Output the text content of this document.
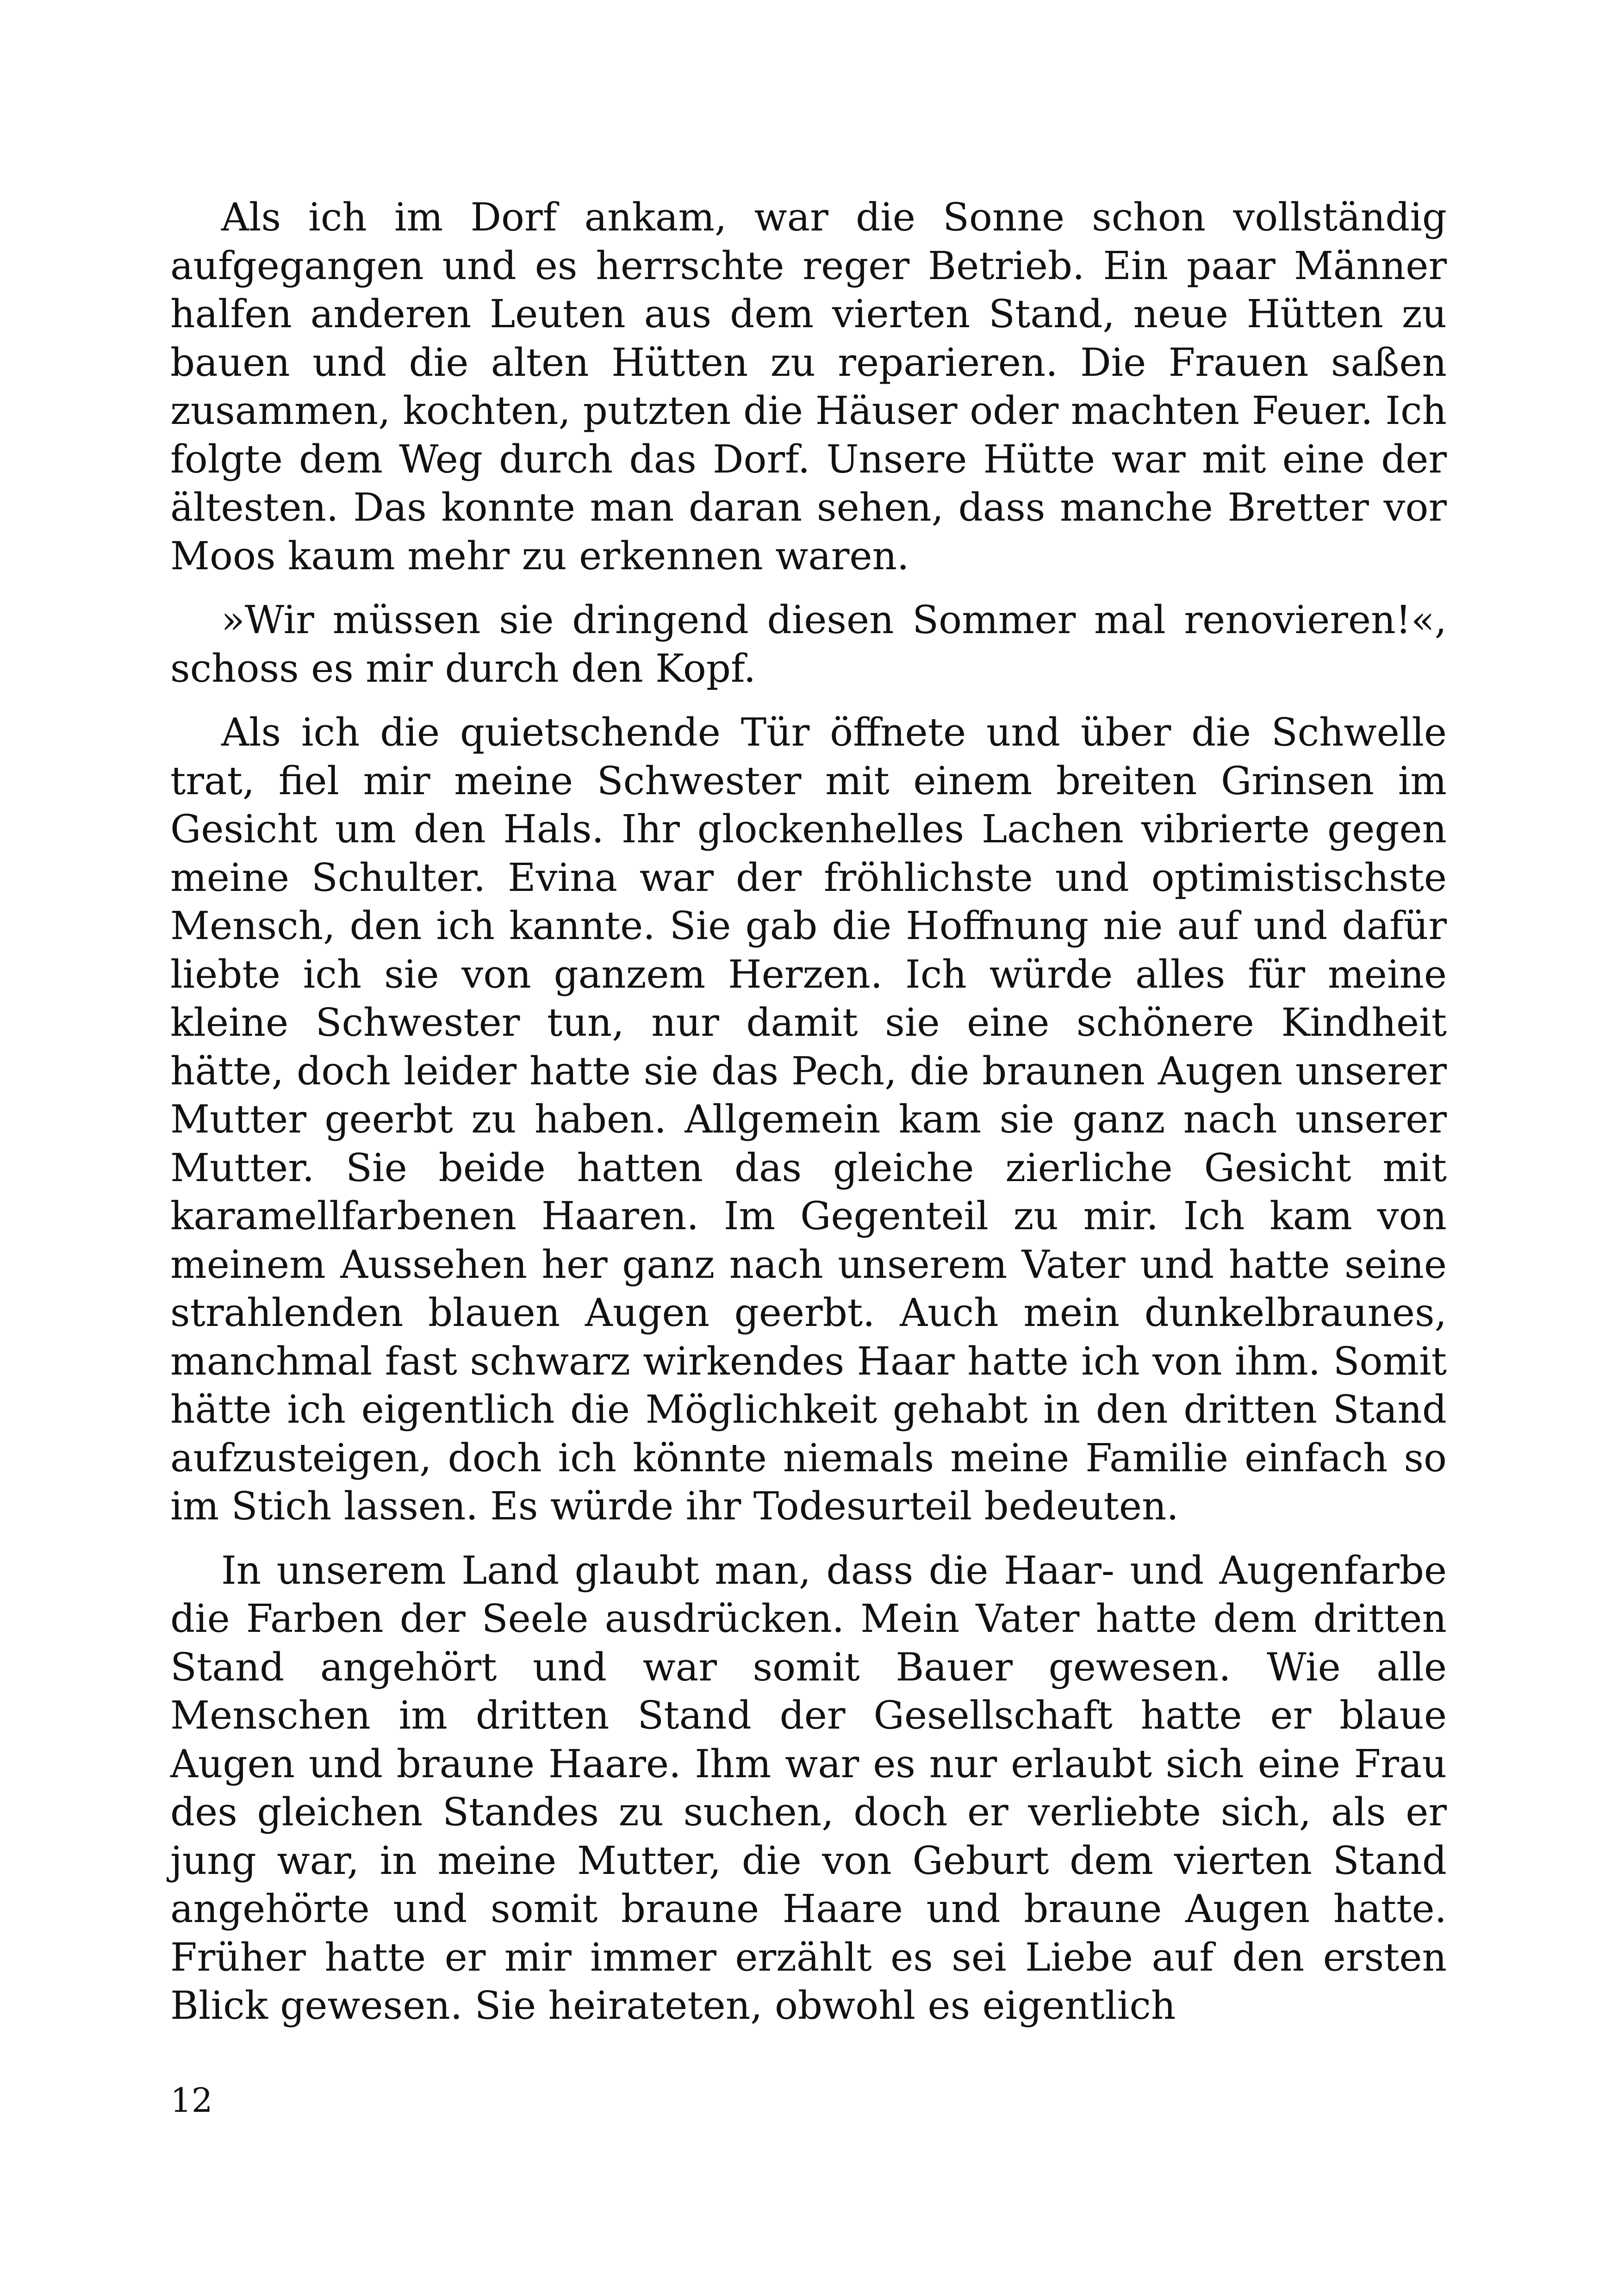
Als ich im Dorf ankam, war die Sonne schon vollständig aufgegangen und es herrschte reger Betrieb. Ein paar Männer halfen anderen Leuten aus dem vierten Stand, neue Hütten zu bauen und die alten Hütten zu reparieren. Die Frauen saßen zusammen, kochten, putzten die Häuser oder machten Feuer. Ich folgte dem Weg durch das Dorf. Unsere Hütte war mit eine der ältesten. Das konnte man daran sehen, dass manche Bretter vor Moos kaum mehr zu erkennen waren.

»Wir müssen sie dringend diesen Sommer mal renovieren!«, schoss es mir durch den Kopf.

Als ich die quietschende Tür öffnete und über die Schwelle trat, fiel mir meine Schwester mit einem breiten Grinsen im Gesicht um den Hals. Ihr glockenhelles Lachen vibrierte gegen meine Schulter. Evina war der fröhlichste und optimistischste Mensch, den ich kannte. Sie gab die Hoffnung nie auf und dafür liebte ich sie von ganzem Herzen. Ich würde alles für meine kleine Schwester tun, nur damit sie eine schönere Kindheit hätte, doch leider hatte sie das Pech, die braunen Augen unserer Mutter geerbt zu haben. Allgemein kam sie ganz nach unserer Mutter. Sie beide hatten das gleiche zierliche Gesicht mit karamellfarbenen Haaren. Im Gegenteil zu mir. Ich kam von meinem Aussehen her ganz nach unserem Vater und hatte seine strahlenden blauen Augen geerbt. Auch mein dunkelbraunes, manchmal fast schwarz wirkendes Haar hatte ich von ihm. Somit hätte ich eigentlich die Möglichkeit gehabt in den dritten Stand aufzusteigen, doch ich könnte niemals meine Familie einfach so im Stich lassen. Es würde ihr Todesurteil bedeuten.

In unserem Land glaubt man, dass die Haar- und Augenfarbe die Farben der Seele ausdrücken. Mein Vater hatte dem dritten Stand angehört und war somit Bauer gewesen. Wie alle Menschen im dritten Stand der Gesellschaft hatte er blaue Augen und braune Haare. Ihm war es nur erlaubt sich eine Frau des gleichen Standes zu suchen, doch er verliebte sich, als er jung war, in meine Mutter, die von Geburt dem vierten Stand angehörte und somit braune Haare und braune Augen hatte. Früher hatte er mir immer erzählt es sei Liebe auf den ersten Blick gewesen. Sie heirateten, obwohl es eigentlich

12
